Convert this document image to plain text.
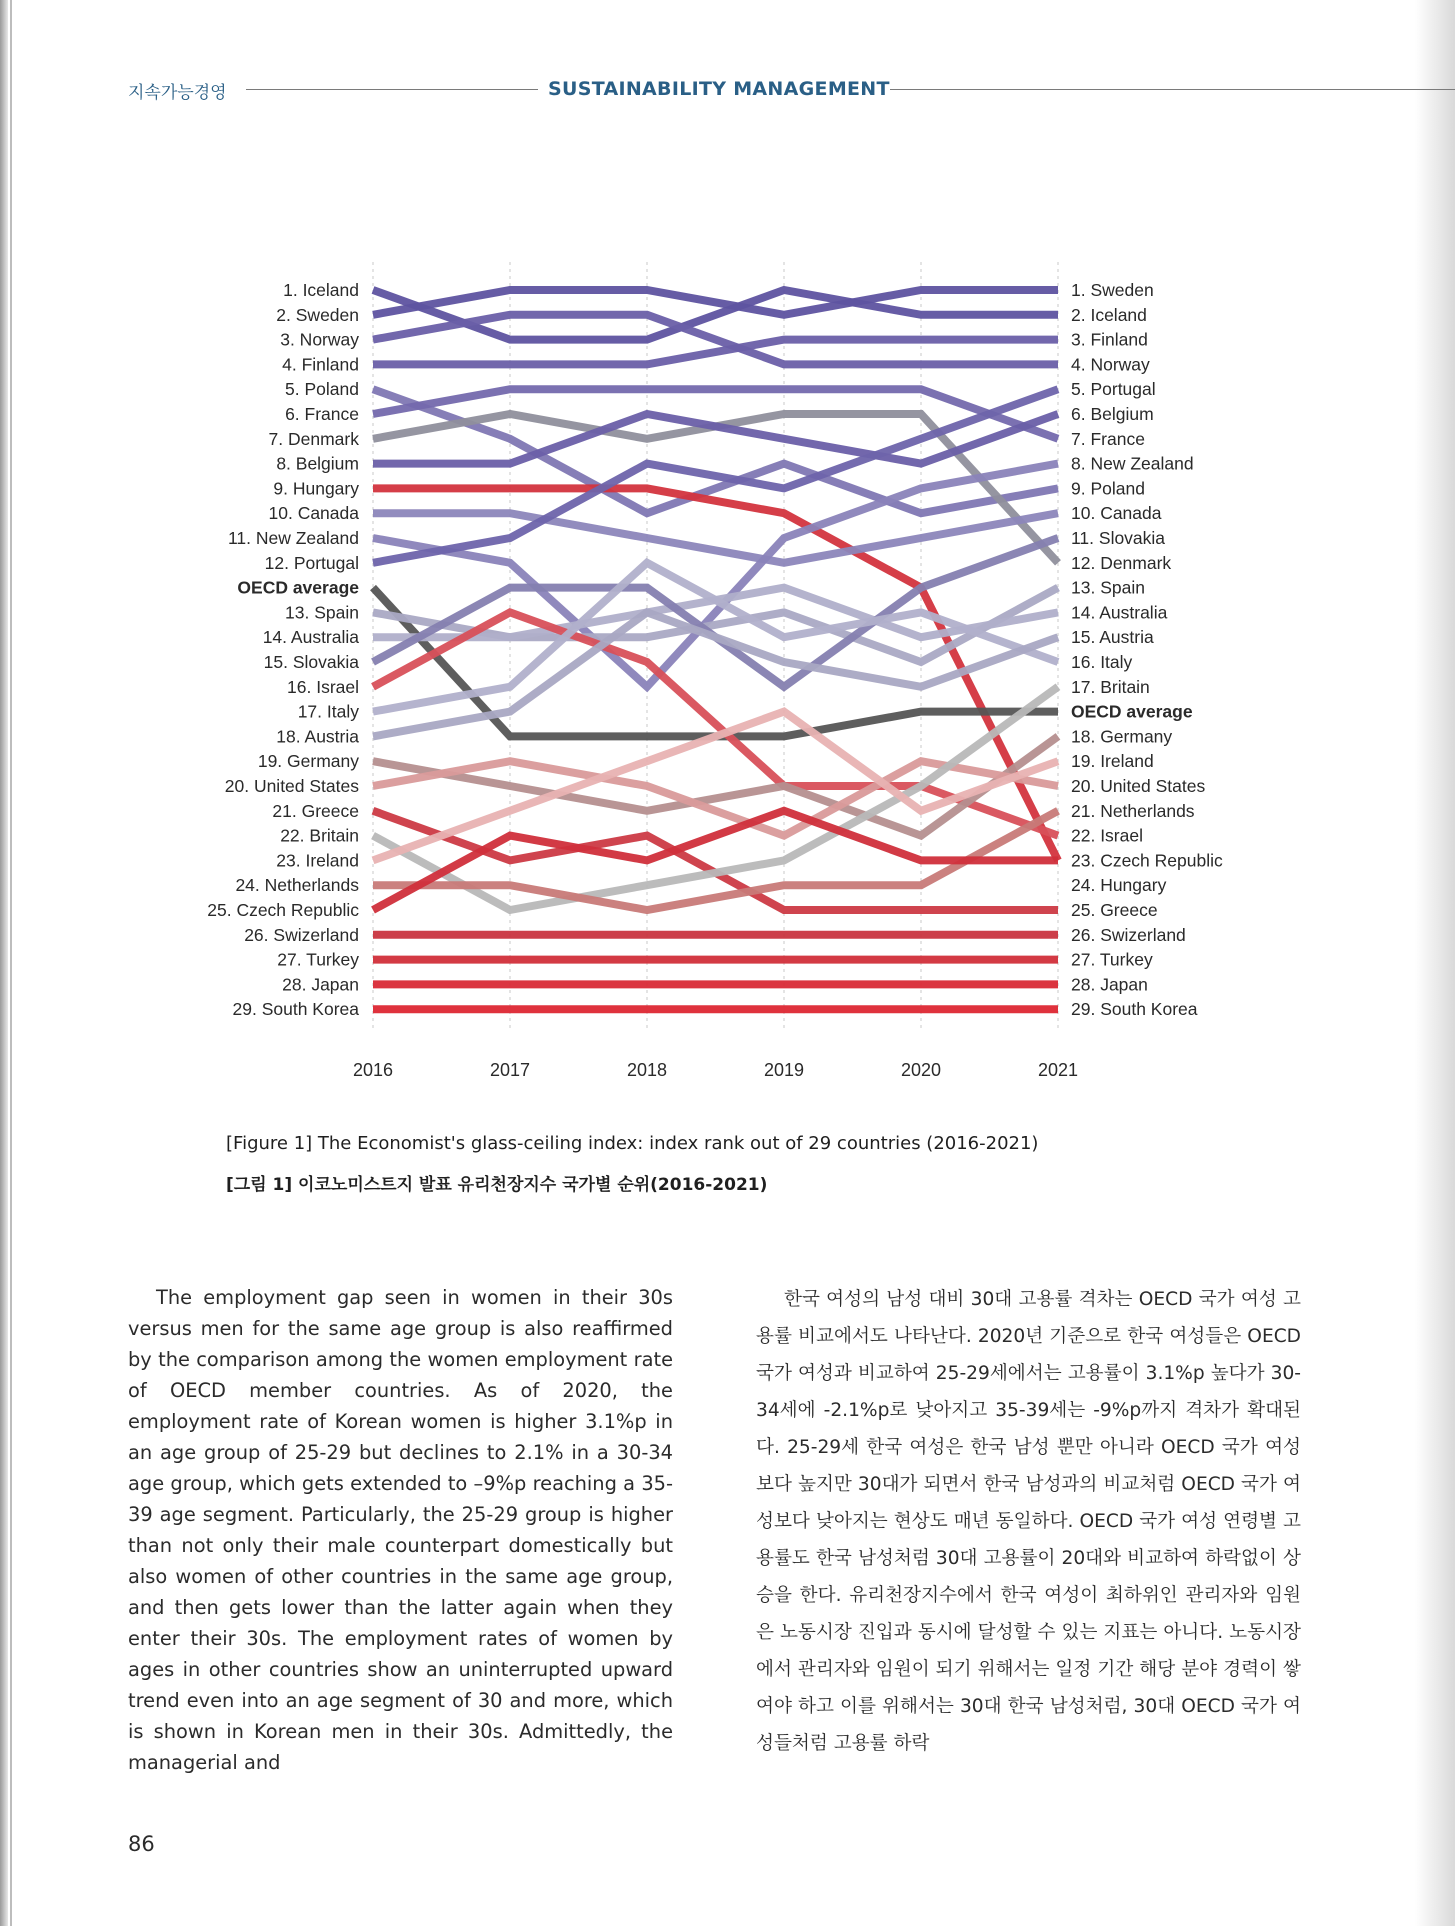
지속가능경영	SUSTAINABILITY MANAGEMENT
1. Iceland
2. Sweden
3. Norway
4. Finland
5. Poland
6. France
7. Denmark
8. Belgium
9. Hungary
10. Canada
11. New Zealand
12. Portugal
OECD average
13. Spain
14. Australia
15. Slovakia
16. Israel
17. Italy
18. Austria
19. Germany
20. United States
21. Greece
22. Britain
23. Ireland
24. Netherlands
25. Czech Republic
26. Swizerland
27. Turkey
28. Japan
29. South Korea
1. Sweden
2. Iceland
3. Finland
4. Norway
5. Portugal
6. Belgium
7. France
8. New Zealand
9. Poland
10. Canada
11. Slovakia
12. Denmark
13. Spain
14. Australia
15. Austria
16. Italy
17. Britain
OECD average
18. Germany
19. Ireland
20. United States
21. Netherlands
22. Israel
23. Czech Republic
24. Hungary
25. Greece
26. Swizerland
27. Turkey
28. Japan
29. South Korea
2016	2017	2018	2019	2020	2021
[Figure 1] The Economist's glass-ceiling index: index rank out of 29 countries (2016-2021)
[그림 1] 이코노미스트지 발표 유리천장지수 국가별 순위(2016-2021)
The employment gap seen in women in their 30s versus men for the same age group is also reaffirmed by the comparison among the women employment rate of OECD member countries. As of 2020, the employment rate of Korean women is higher 3.1%p in an age group of 25-29 but declines to 2.1% in a 30-34 age group, which gets extended to –9%p reaching a 35-39 age segment. Particularly, the 25-29 group is higher than not only their male counterpart domestically but also women of other countries in the same age group, and then gets lower than the latter again when they enter their 30s. The employment rates of women by ages in other countries show an uninterrupted upward trend even into an age segment of 30 and more, which is shown in Korean men in their 30s. Admittedly, the managerial and
한국 여성의 남성 대비 30대 고용률 격차는 OECD 국가 여성 고용률 비교에서도 나타난다. 2020년 기준으로 한국 여성들은 OECD 국가 여성과 비교하여 25-29세에서는 고용률이 3.1%p 높다가 30-34세에 -2.1%p로 낮아지고 35-39세는 -9%p까지 격차가 확대된다. 25-29세 한국 여성은 한국 남성 뿐만 아니라 OECD 국가 여성보다 높지만 30대가 되면서 한국 남성과의 비교처럼 OECD 국가 여성보다 낮아지는 현상도 매년 동일하다. OECD 국가 여성 연령별 고용률도 한국 남성처럼 30대 고용률이 20대와 비교하여 하락없이 상승을 한다. 유리천장지수에서 한국 여성이 최하위인 관리자와 임원은 노동시장 진입과 동시에 달성할 수 있는 지표는 아니다. 노동시장에서 관리자와 임원이 되기 위해서는 일정 기간 해당 분야 경력이 쌓여야 하고 이를 위해서는 30대 한국 남성처럼, 30대 OECD 국가 여성들처럼 고용률 하락
86
